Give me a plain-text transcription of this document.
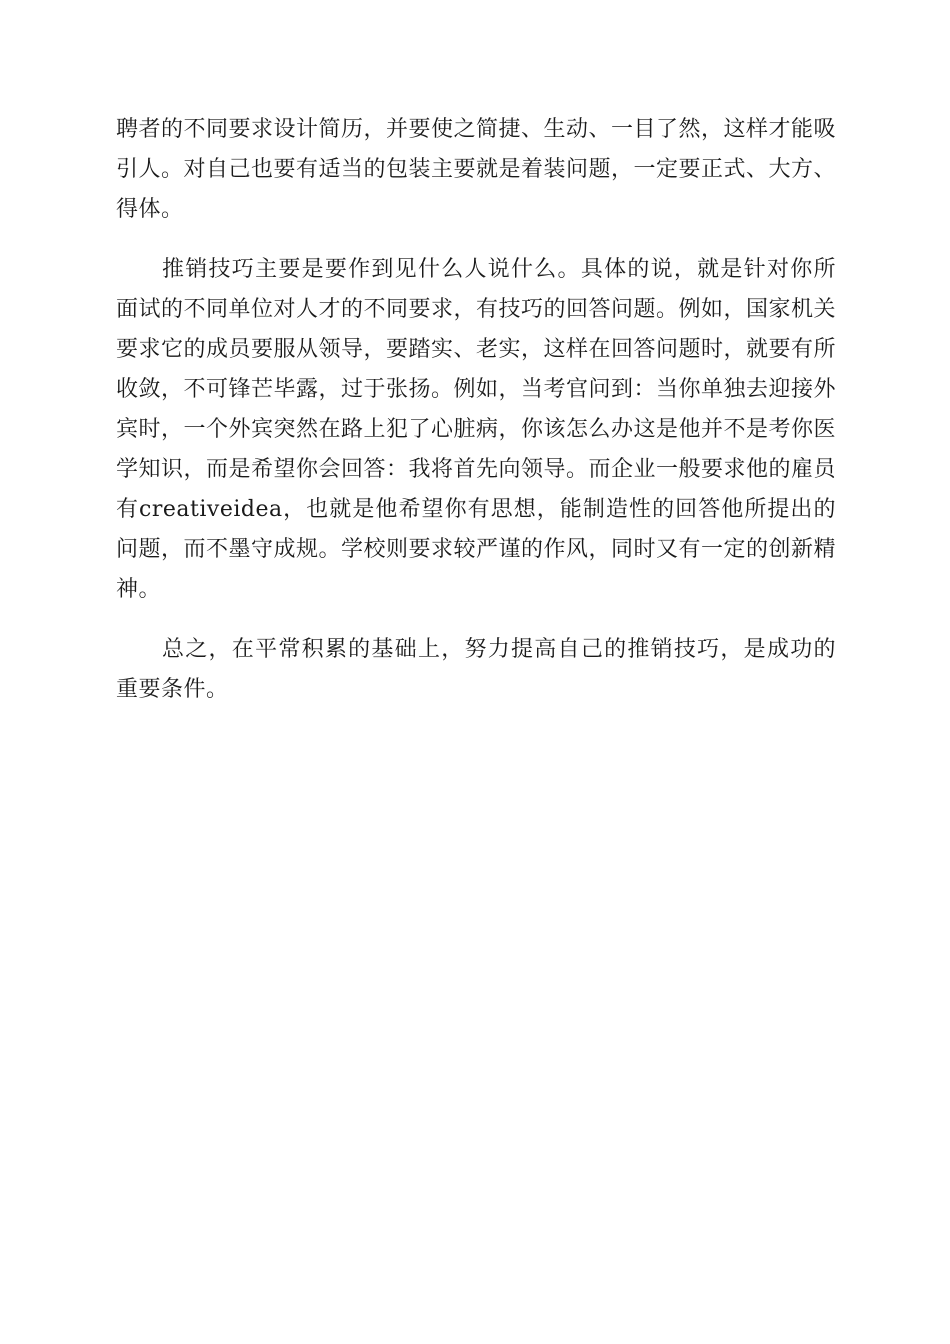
聘者的不同要求设计简历，并要使之简捷、生动、一目了然，这样才能吸引人。对自己也要有适当的包装主要就是着装问题，一定要正式、大方、得体。

推销技巧主要是要作到见什么人说什么。具体的说，就是针对你所面试的不同单位对人才的不同要求，有技巧的回答问题。例如，国家机关要求它的成员要服从领导，要踏实、老实，这样在回答问题时，就要有所收敛，不可锋芒毕露，过于张扬。例如，当考官问到：当你单独去迎接外宾时，一个外宾突然在路上犯了心脏病，你该怎么办这是他并不是考你医学知识，而是希望你会回答：我将首先向领导。而企业一般要求他的雇员有creativeidea，也就是他希望你有思想，能制造性的回答他所提出的问题，而不墨守成规。学校则要求较严谨的作风，同时又有一定的创新精神。

总之，在平常积累的基础上，努力提高自己的推销技巧，是成功的重要条件。
